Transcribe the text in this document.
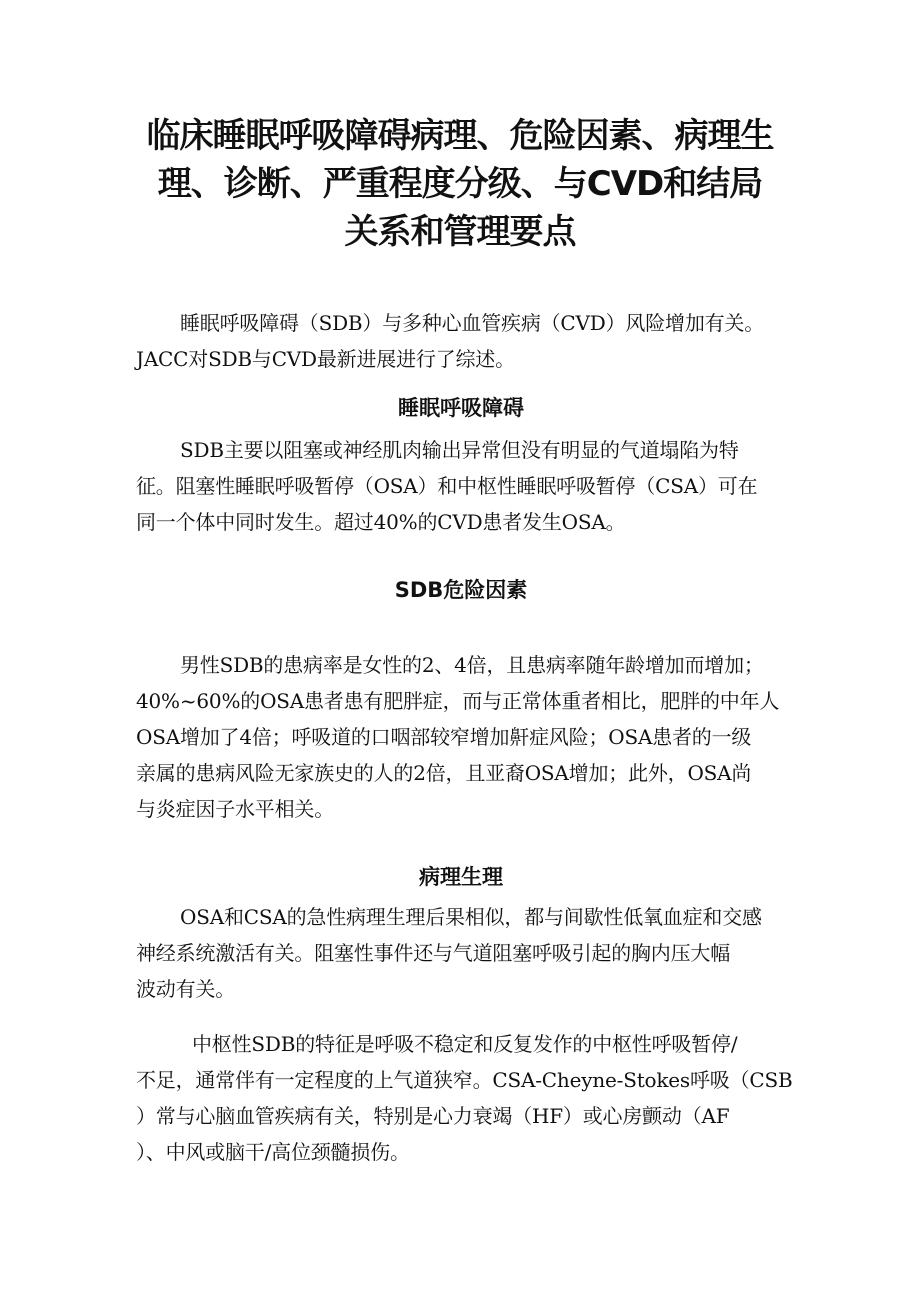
临床睡眠呼吸障碍病理、危险因素、病理生
理、诊断、严重程度分级、与CVD和结局
关系和管理要点

睡眠呼吸障碍（SDB）与多种心血管疾病（CVD）风险增加有关。
JACC对SDB与CVD最新进展进行了综述。

睡眠呼吸障碍

SDB主要以阻塞或神经肌肉输出异常但没有明显的气道塌陷为特
征。阻塞性睡眠呼吸暂停（OSA）和中枢性睡眠呼吸暂停（CSA）可在
同一个体中同时发生。超过40%的CVD患者发生OSA。

SDB危险因素

男性SDB的患病率是女性的2、4倍，且患病率随年龄增加而增加；
40%~60%的OSA患者患有肥胖症，而与正常体重者相比，肥胖的中年人
OSA增加了4倍；呼吸道的口咽部较窄增加鼾症风险；OSA患者的一级
亲属的患病风险无家族史的人的2倍，且亚裔OSA增加；此外，OSA尚
与炎症因子水平相关。

病理生理

OSA和CSA的急性病理生理后果相似，都与间歇性低氧血症和交感
神经系统激活有关。阻塞性事件还与气道阻塞呼吸引起的胸内压大幅
波动有关。

中枢性SDB的特征是呼吸不稳定和反复发作的中枢性呼吸暂停/
不足，通常伴有一定程度的上气道狭窄。CSA-Cheyne-Stokes呼吸（CSB
）常与心脑血管疾病有关，特别是心力衰竭（HF）或心房颤动（AF
）、中风或脑干/高位颈髓损伤。
